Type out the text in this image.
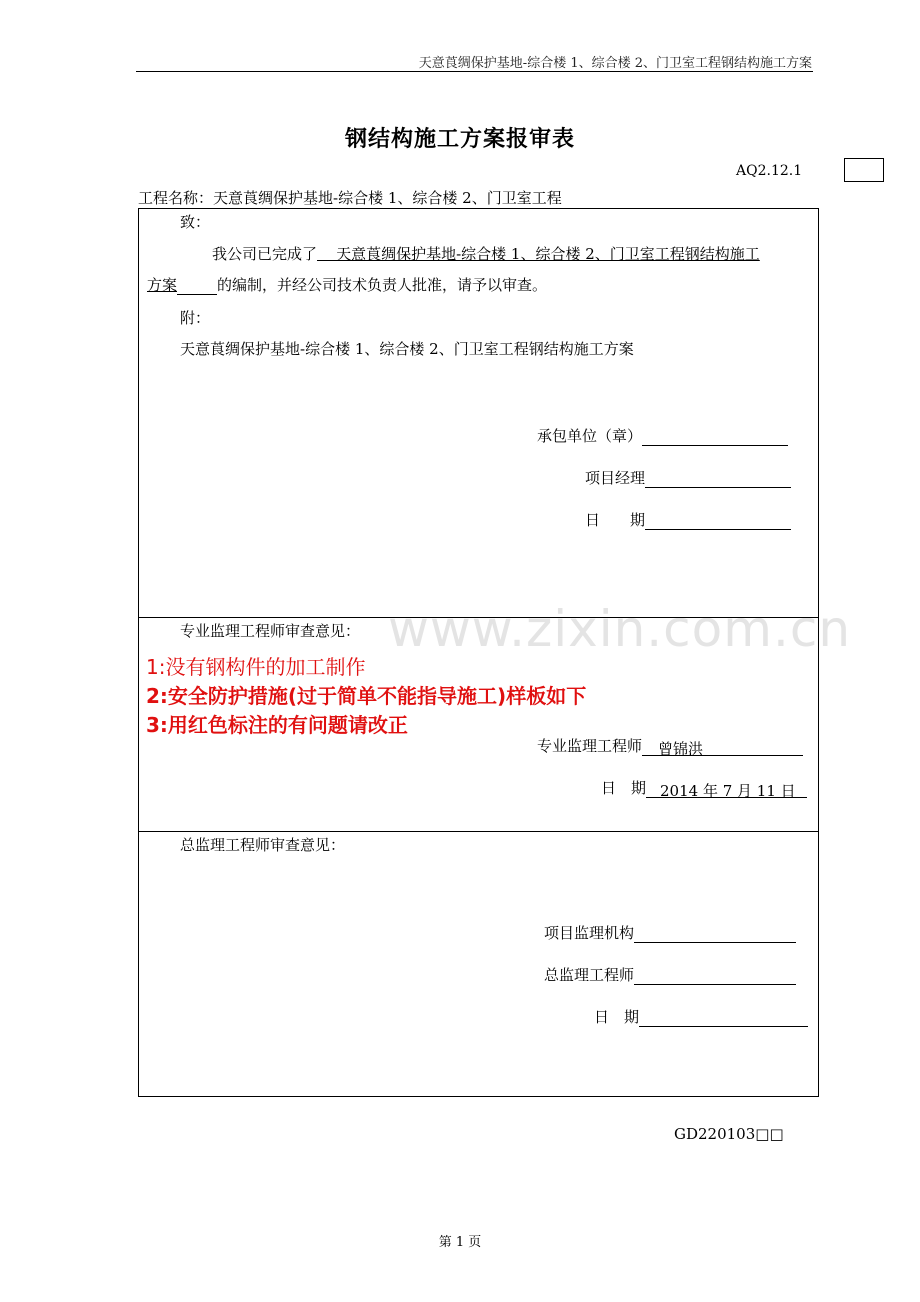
天意莨绸保护基地-综合楼 1、综合楼 2、门卫室工程钢结构施工方案
钢结构施工方案报审表
AQ2.12.1
工程名称：天意莨绸保护基地-综合楼 1、综合楼 2、门卫室工程
www.zixin.com.cn
致：
我公司已完成了    天意莨绸保护基地-综合楼 1、综合楼 2、门卫室工程钢结构施工
方案	的编制，并经公司技术负责人批准，请予以审查。
附：
天意莨绸保护基地-综合楼 1、综合楼 2、门卫室工程钢结构施工方案
承包单位（章）
项目经理
日　　期
专业监理工程师审查意见：
1:没有钢构件的加工制作
2:安全防护措施(过于简单不能指导施工)样板如下
3:用红色标注的有问题请改正
专业监理工程师 曾锦洪
日　期 2014 年 7 月 11 日
总监理工程师审查意见：
项目监理机构
总监理工程师
日　期
GD220103□□
第 1 页
